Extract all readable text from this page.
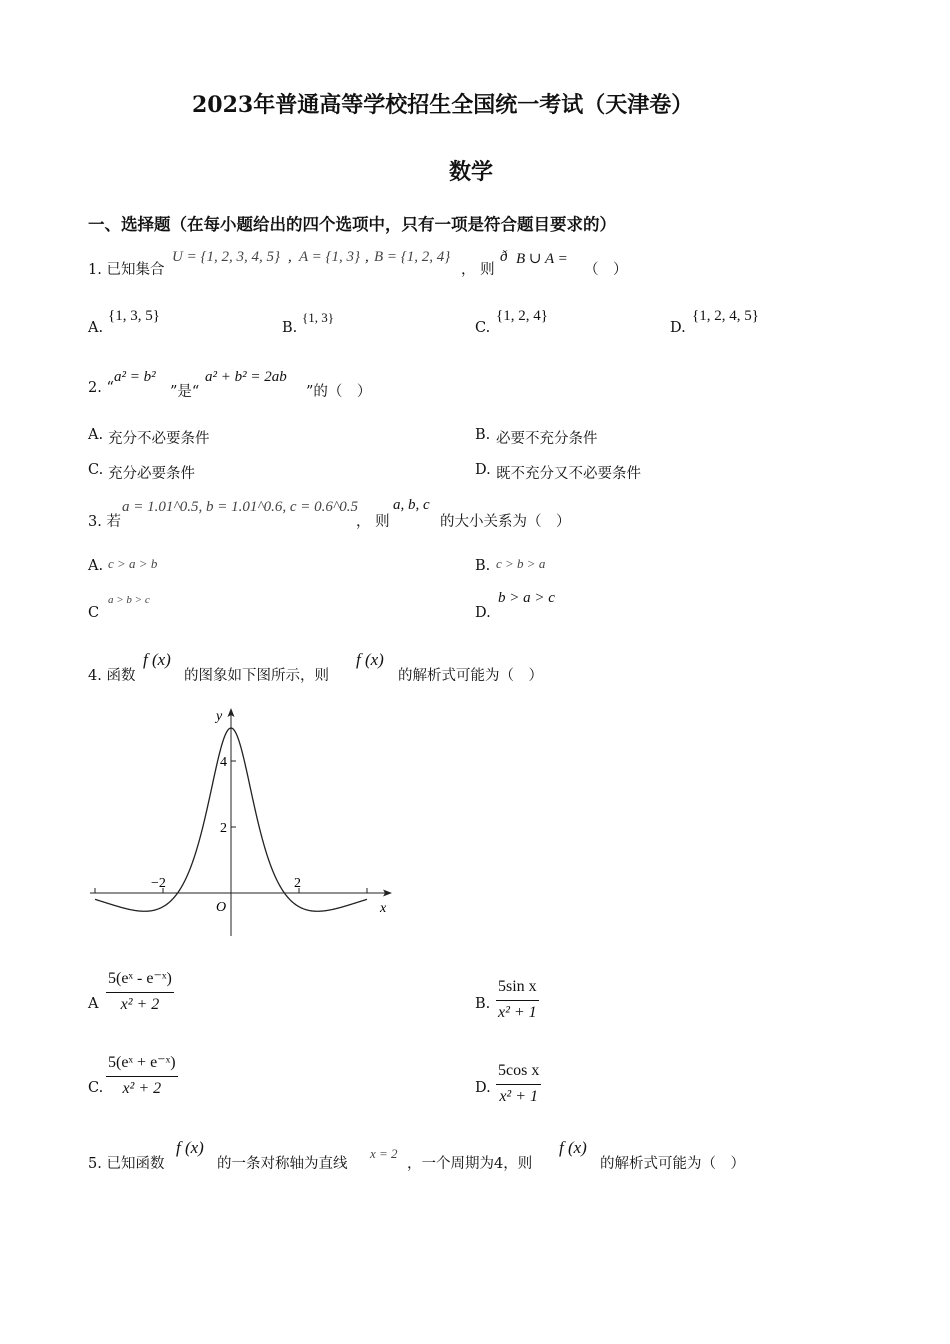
2023年普通高等学校招生全国统一考试（天津卷）
数学
一、选择题（在每小题给出的四个选项中，只有一项是符合题目要求的）
1. 已知集合
U = {1, 2, 3, 4, 5} , A = {1, 3} , B = {1, 2, 4}
， 则
ð B ∪ A =
（　）
A.
{1, 3, 5}
B.
{1, 3}
C.
{1, 2, 4}
D.
{1, 2, 4, 5}
2. “
a² = b²
”是“
a² + b² = 2ab
”的（　）
A. 充分不必要条件	B. 必要不充分条件
C. 充分必要条件	D. 既不充分又不必要条件
3. 若
a = 1.01^0.5, b = 1.01^0.6, c = 0.6^0.5
， 则
a, b, c
的大小关系为（　）
A. c > a > b	B. c > b > a
C
a > b > c
D.
b > a > c
4. 函数
f (x)
的图象如下图所示，则
f (x)
的解析式可能为（　）
y
x
O
4
2
−2	2
A $\frac{\text{5(eˣ - e⁻ˣ)}}{\text{x² + 2}}$	B. $\frac{\text{5sin x}}{\text{x² + 1}}$
C. $\frac{\text{5(eˣ + e⁻ˣ)}}{\text{x² + 2}}$	D. $\frac{\text{5cos x}}{\text{x² + 1}}$
5. 已知函数
f (x)
的一条对称轴为直线
x = 2
，一个周期为4，则
f (x)
的解析式可能为（　）
